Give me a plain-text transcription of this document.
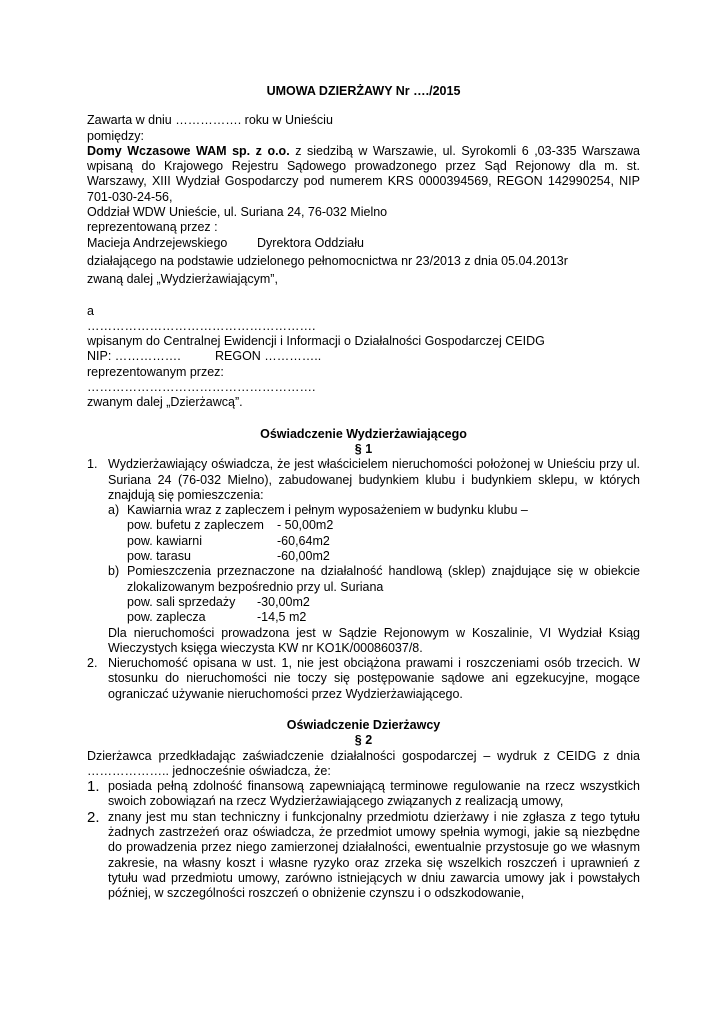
UMOWA DZIERŻAWY Nr …./2015
Zawarta w dniu ……………. roku w Unieściu
pomiędzy:
Domy Wczasowe WAM sp. z o.o. z siedzibą w Warszawie, ul. Syrokomli 6 ,03-335 Warszawa wpisaną do Krajowego Rejestru Sądowego prowadzonego przez Sąd Rejonowy dla m. st. Warszawy, XIII Wydział Gospodarczy pod numerem KRS 0000394569, REGON 142990254, NIP 701-030-24-56,
Oddział WDW Unieście, ul. Suriana 24, 76-032 Mielno
reprezentowaną przez :
Macieja Andrzejewskiego	Dyrektora Oddziału
działającego na podstawie udzielonego pełnomocnictwa nr 23/2013 z dnia 05.04.2013r
zwaną dalej „Wydzierżawiającym”,
a
……………………………………………….
wpisanym do Centralnej Ewidencji i Informacji o Działalności Gospodarczej CEIDG
NIP: …………….	REGON …………..
reprezentowanym przez:
……………………………………………….
zwanym dalej „Dzierżawcą”.
Oświadczenie Wydzierżawiającego
§ 1
1. Wydzierżawiający oświadcza, że jest właścicielem nieruchomości położonej w Unieściu przy ul. Suriana 24 (76-032 Mielno), zabudowanej budynkiem klubu i budynkiem sklepu, w których znajdują się pomieszczenia:
a) Kawiarnia wraz z zapleczem i pełnym wyposażeniem w budynku klubu –
pow. bufetu z zapleczem	- 50,00m2
pow. kawiarni	-60,64m2
pow. tarasu	-60,00m2
b) Pomieszczenia przeznaczone na działalność handlową (sklep) znajdujące się w obiekcie zlokalizowanym bezpośrednio przy ul. Suriana
pow. sali sprzedaży	-30,00m2
pow. zaplecza	-14,5 m2
Dla nieruchomości prowadzona jest w Sądzie Rejonowym w Koszalinie, VI Wydział Ksiąg Wieczystych księga wieczysta KW nr KO1K/00086037/8.
2. Nieruchomość opisana w ust. 1, nie jest obciążona prawami i roszczeniami osób trzecich. W stosunku do nieruchomości nie toczy się postępowanie sądowe ani egzekucyjne, mogące ograniczać używanie nieruchomości przez Wydzierżawiającego.
Oświadczenie Dzierżawcy
§ 2
Dzierżawca przedkładając zaświadczenie działalności gospodarczej – wydruk z CEIDG z dnia ……………….. jednocześnie oświadcza, że:
1. posiada pełną zdolność finansową zapewniającą terminowe regulowanie na rzecz wszystkich swoich zobowiązań na rzecz Wydzierżawiającego związanych z realizacją umowy,
2. znany jest mu stan techniczny i funkcjonalny przedmiotu dzierżawy i nie zgłasza z tego tytułu żadnych zastrzeżeń oraz oświadcza, że przedmiot umowy spełnia wymogi, jakie są niezbędne do prowadzenia przez niego zamierzonej działalności, ewentualnie przystosuje go we własnym zakresie, na własny koszt i własne ryzyko oraz zrzeka się wszelkich roszczeń i uprawnień z tytułu wad przedmiotu umowy, zarówno istniejących w dniu zawarcia umowy jak i powstałych później, w szczególności roszczeń o obniżenie czynszu i o odszkodowanie,
